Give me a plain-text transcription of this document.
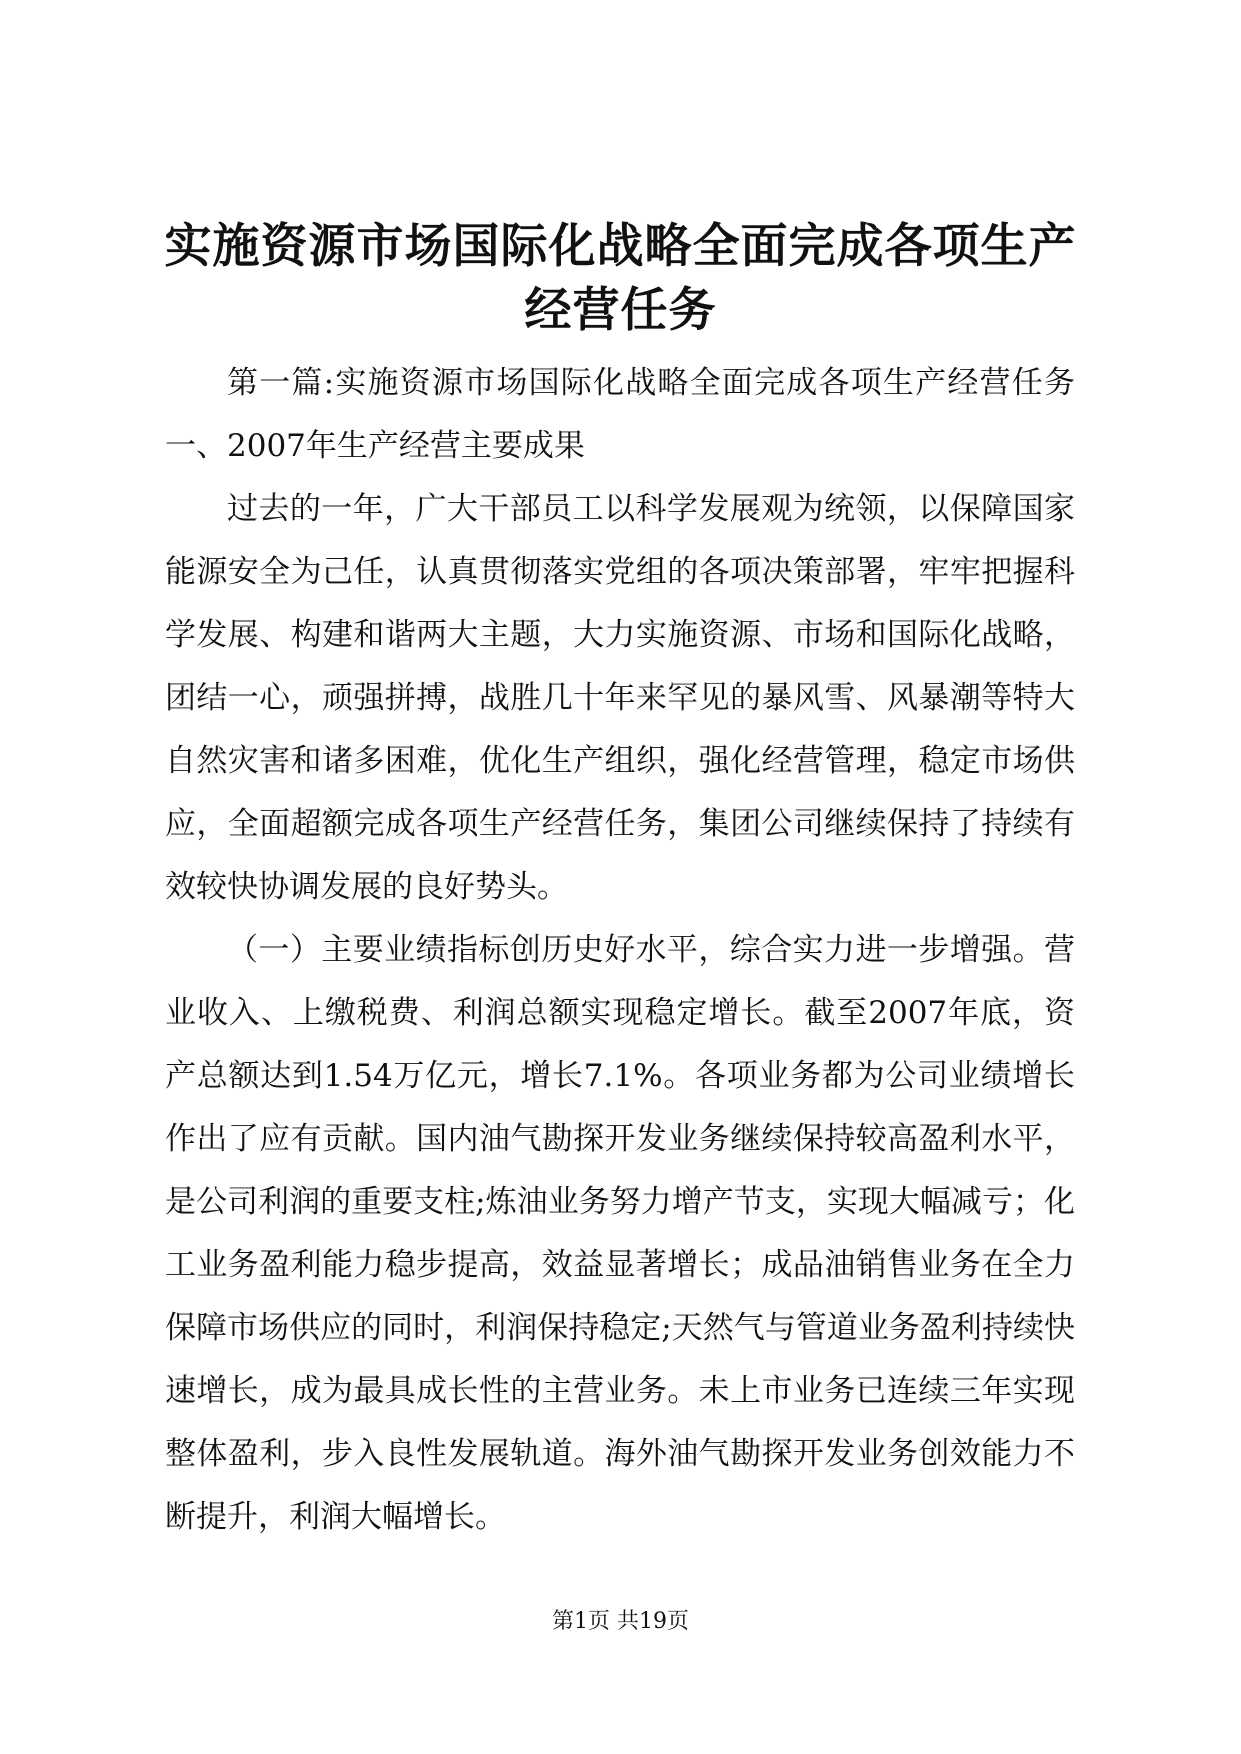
实施资源市场国际化战略全面完成各项生产经营任务

第一篇:实施资源市场国际化战略全面完成各项生产经营任务一、2007年生产经营主要成果

过去的一年，广大干部员工以科学发展观为统领，以保障国家能源安全为己任，认真贯彻落实党组的各项决策部署，牢牢把握科学发展、构建和谐两大主题，大力实施资源、市场和国际化战略，团结一心，顽强拼搏，战胜几十年来罕见的暴风雪、风暴潮等特大自然灾害和诸多困难，优化生产组织，强化经营管理，稳定市场供应，全面超额完成各项生产经营任务，集团公司继续保持了持续有效较快协调发展的良好势头。

（一）主要业绩指标创历史好水平，综合实力进一步增强。营业收入、上缴税费、利润总额实现稳定增长。截至2007年底，资产总额达到1.54万亿元，增长7.1%。各项业务都为公司业绩增长作出了应有贡献。国内油气勘探开发业务继续保持较高盈利水平，是公司利润的重要支柱;炼油业务努力增产节支，实现大幅减亏；化工业务盈利能力稳步提高，效益显著增长；成品油销售业务在全力保障市场供应的同时，利润保持稳定;天然气与管道业务盈利持续快速增长，成为最具成长性的主营业务。未上市业务已连续三年实现整体盈利，步入良性发展轨道。海外油气勘探开发业务创效能力不断提升，利润大幅增长。

第1页 共19页
